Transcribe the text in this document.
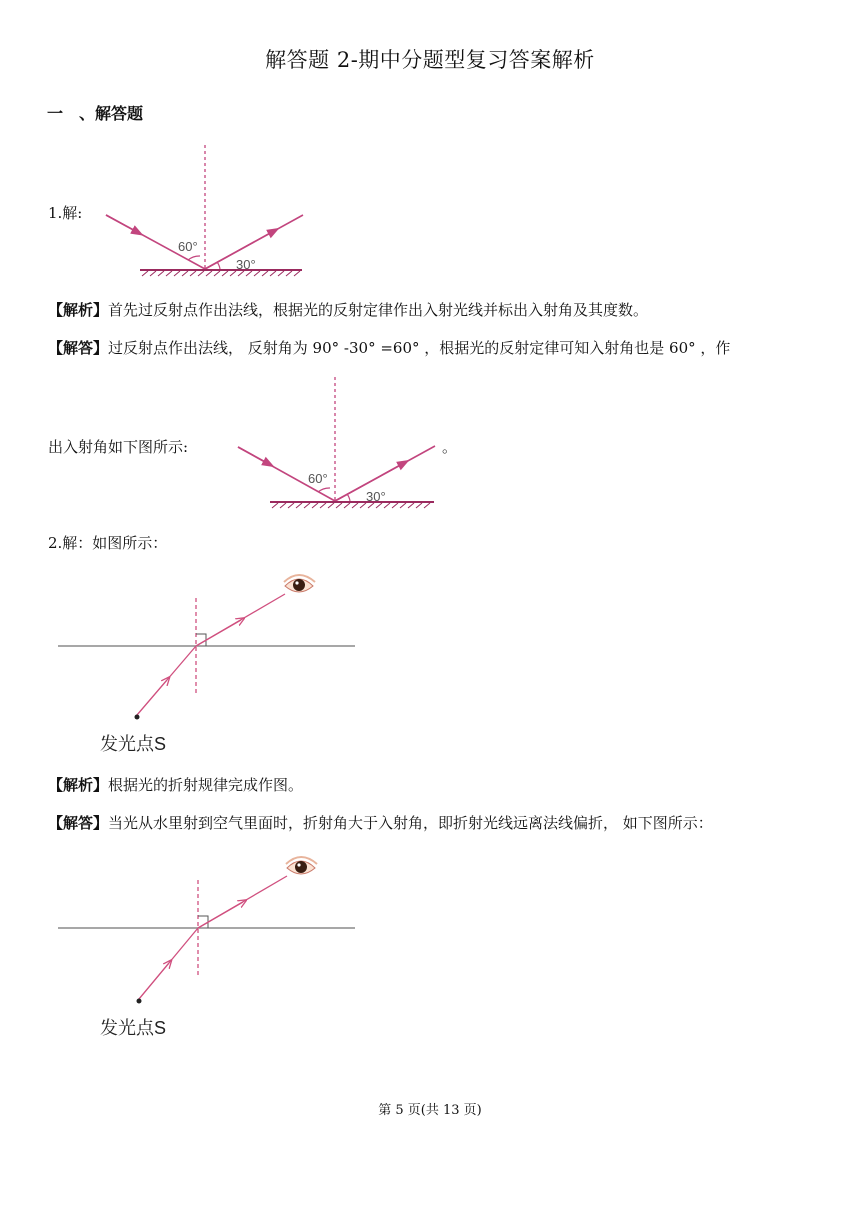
解答题 2-期中分题型复习答案解析
一　、解答题
1.解:
60°
30°
【解析】首先过反射点作出法线，根据光的反射定律作出入射光线并标出入射角及其度数。
【解答】过反射点作出法线， 反射角为 90° -30° =60° ，根据光的反射定律可知入射角也是 60° ，作
出入射角如下图所示:
60°
30°
。
2.解：如图所示：
发光点S
【解析】根据光的折射规律完成作图。
【解答】当光从水里射到空气里面时，折射角大于入射角，即折射光线远离法线偏折， 如下图所示：
发光点S
第 5 页(共 13 页)
